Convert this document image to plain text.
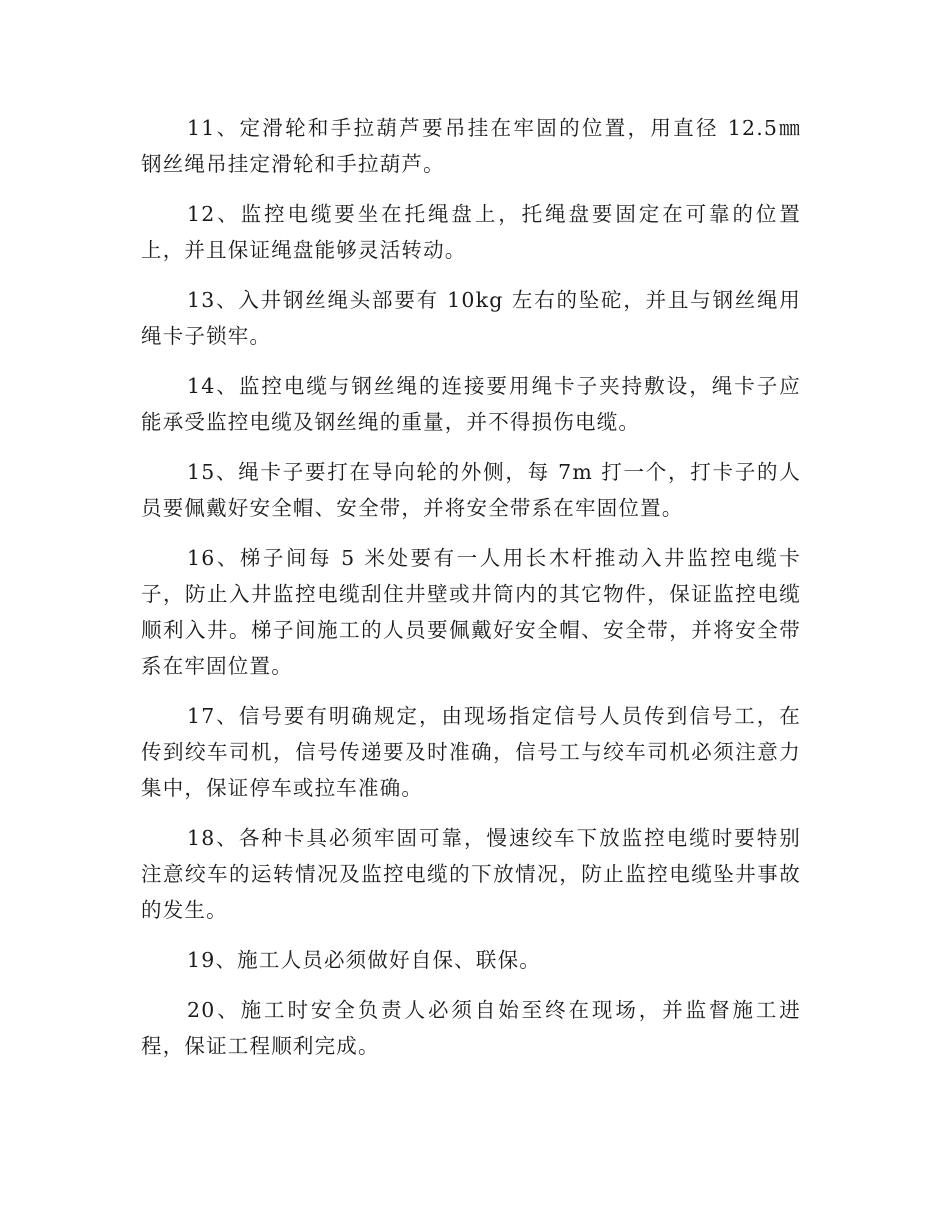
11、定滑轮和手拉葫芦要吊挂在牢固的位置，用直径 12.5㎜ 钢丝绳吊挂定滑轮和手拉葫芦。

12、监控电缆要坐在托绳盘上，托绳盘要固定在可靠的位置上，并且保证绳盘能够灵活转动。

13、入井钢丝绳头部要有 10kg 左右的坠砣，并且与钢丝绳用绳卡子锁牢。

14、监控电缆与钢丝绳的连接要用绳卡子夹持敷设，绳卡子应能承受监控电缆及钢丝绳的重量，并不得损伤电缆。

15、绳卡子要打在导向轮的外侧，每 7m 打一个，打卡子的人员要佩戴好安全帽、安全带，并将安全带系在牢固位置。

16、梯子间每 5 米处要有一人用长木杆推动入井监控电缆卡子，防止入井监控电缆刮住井壁或井筒内的其它物件，保证监控电缆顺利入井。梯子间施工的人员要佩戴好安全帽、安全带，并将安全带系在牢固位置。

17、信号要有明确规定，由现场指定信号人员传到信号工，在传到绞车司机，信号传递要及时准确，信号工与绞车司机必须注意力集中，保证停车或拉车准确。

18、各种卡具必须牢固可靠，慢速绞车下放监控电缆时要特别注意绞车的运转情况及监控电缆的下放情况，防止监控电缆坠井事故的发生。

19、施工人员必须做好自保、联保。

20、施工时安全负责人必须自始至终在现场，并监督施工进程，保证工程顺利完成。
